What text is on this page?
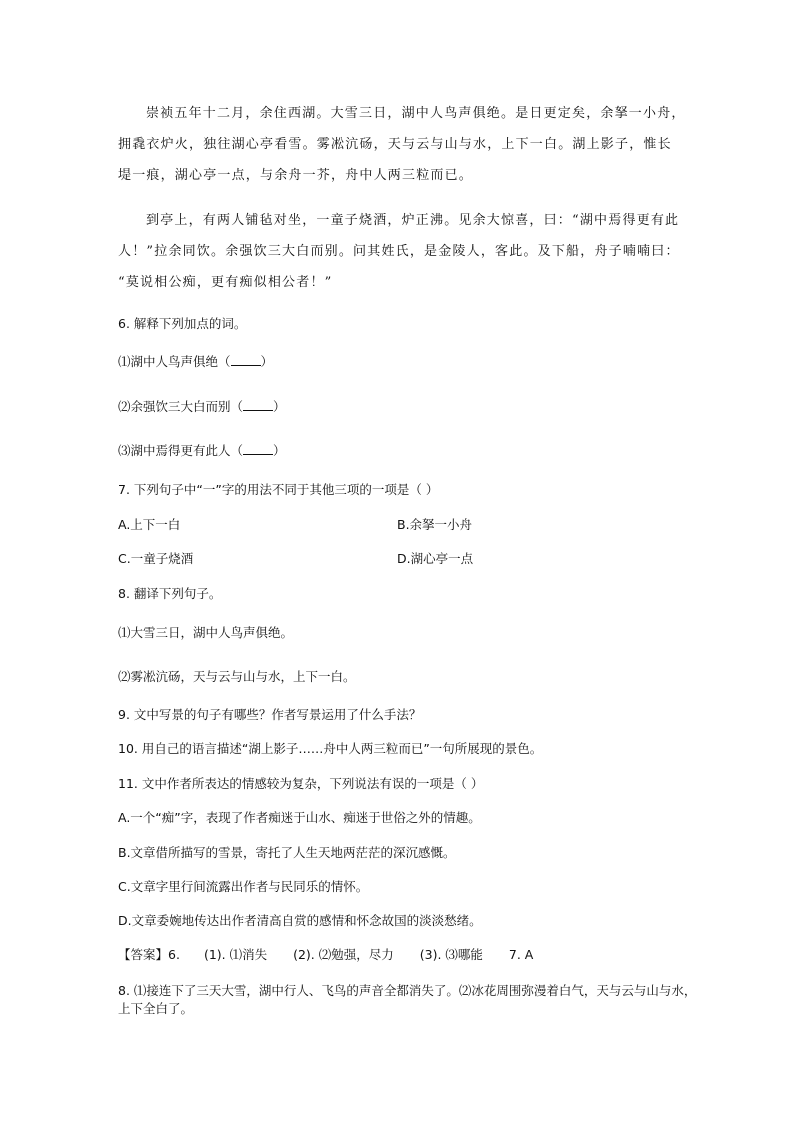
崇祯五年十二月，余住西湖。大雪三日，湖中人鸟声俱绝。是日更定矣，余拏一小舟，
拥毳衣炉火，独往湖心亭看雪。雾凇沆砀，天与云与山与水，上下一白。湖上影子，惟长
堤一痕，湖心亭一点，与余舟一芥，舟中人两三粒而已。
到亭上，有两人铺毡对坐，一童子烧酒，炉正沸。见余大惊喜，曰：“湖中焉得更有此
人！”拉余同饮。余强饮三大白而别。问其姓氏，是金陵人，客此。及下船，舟子喃喃曰：
“莫说相公痴，更有痴似相公者！”
6. 解释下列加点的词。
⑴湖中人鸟声俱绝（ ）
⑵余强饮三大白而别（ ）
⑶湖中焉得更有此人（ ）
7. 下列句子中“一”字的用法不同于其他三项的一项是（ ）
A.上下一白	B.余拏一小舟
C.一童子烧酒	D.湖心亭一点
8. 翻译下列句子。
⑴大雪三日，湖中人鸟声俱绝。
⑵雾凇沆砀，天与云与山与水，上下一白。
9. 文中写景的句子有哪些？作者写景运用了什么手法？
10. 用自己的语言描述“湖上影子……舟中人两三粒而已”一句所展现的景色。
11. 文中作者所表达的情感较为复杂，下列说法有误的一项是（ ）
A.一个“痴”字，表现了作者痴迷于山水、痴迷于世俗之外的情趣。
B.文章借所描写的雪景，寄托了人生天地两茫茫的深沉感慨。
C.文章字里行间流露出作者与民同乐的情怀。
D.文章委婉地传达出作者清高自赏的感情和怀念故国的淡淡愁绪。
【答案】6. (1). ⑴消失 (2). ⑵勉强，尽力 (3). ⑶哪能 7. A
8. ⑴接连下了三天大雪，湖中行人、飞鸟的声音全都消失了。⑵冰花周围弥漫着白气，天与云与山与水，
上下全白了。
